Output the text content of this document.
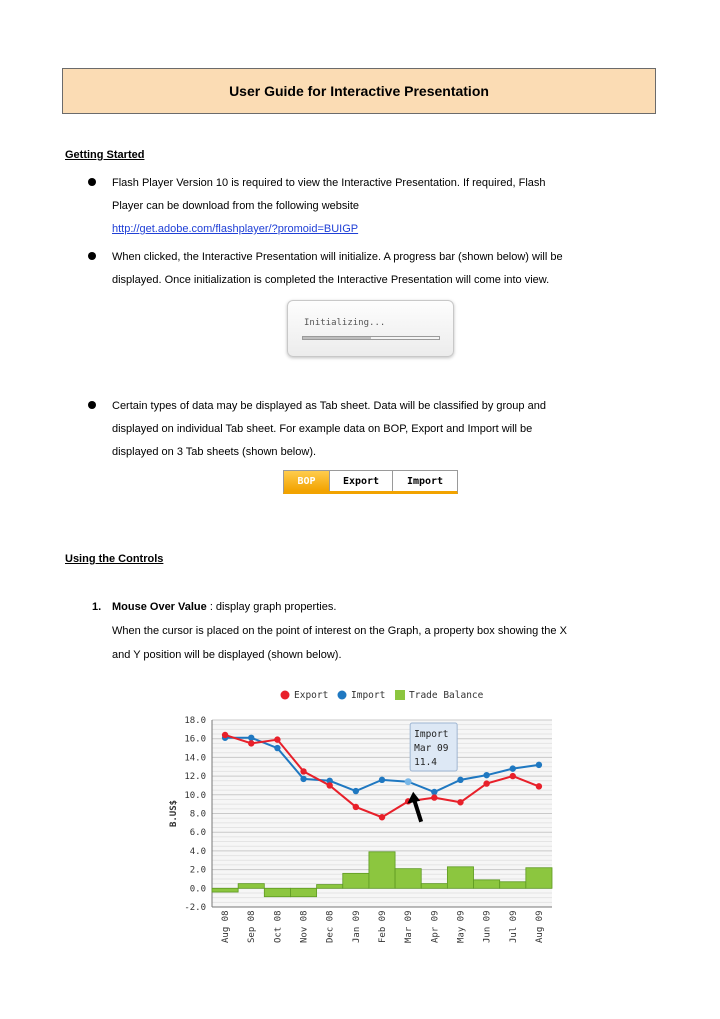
User Guide for Interactive Presentation
Getting Started
Flash Player Version 10 is required to view the Interactive Presentation. If required, Flash
Player can be download from the following website
http://get.adobe.com/flashplayer/?promoid=BUIGP
When clicked, the Interactive Presentation will initialize. A progress bar (shown below) will be
displayed. Once initialization is completed the Interactive Presentation will come into view.
Initializing...
Certain types of data may be displayed as Tab sheet. Data will be classified by group and
displayed on individual Tab sheet. For example data on BOP, Export and Import will be
displayed on 3 Tab sheets (shown below).
BOP	Export	Import
Using the Controls
1. Mouse Over Value : display graph properties.
When the cursor is placed on the point of interest on the Graph, a property box showing the X
and Y position will be displayed (shown below).
18.0
16.0
14.0
12.0
10.0
8.0
6.0
4.0
2.0
0.0
-2.0
B.US$
Aug 08 Sep 08 Oct 08 Nov 08 Dec 08 Jan 09 Feb 09 Mar 09 Apr 09 May 09 Jun 09 Jul 09 Aug 09
Export Import Trade Balance
Import
Mar 09
11.4
